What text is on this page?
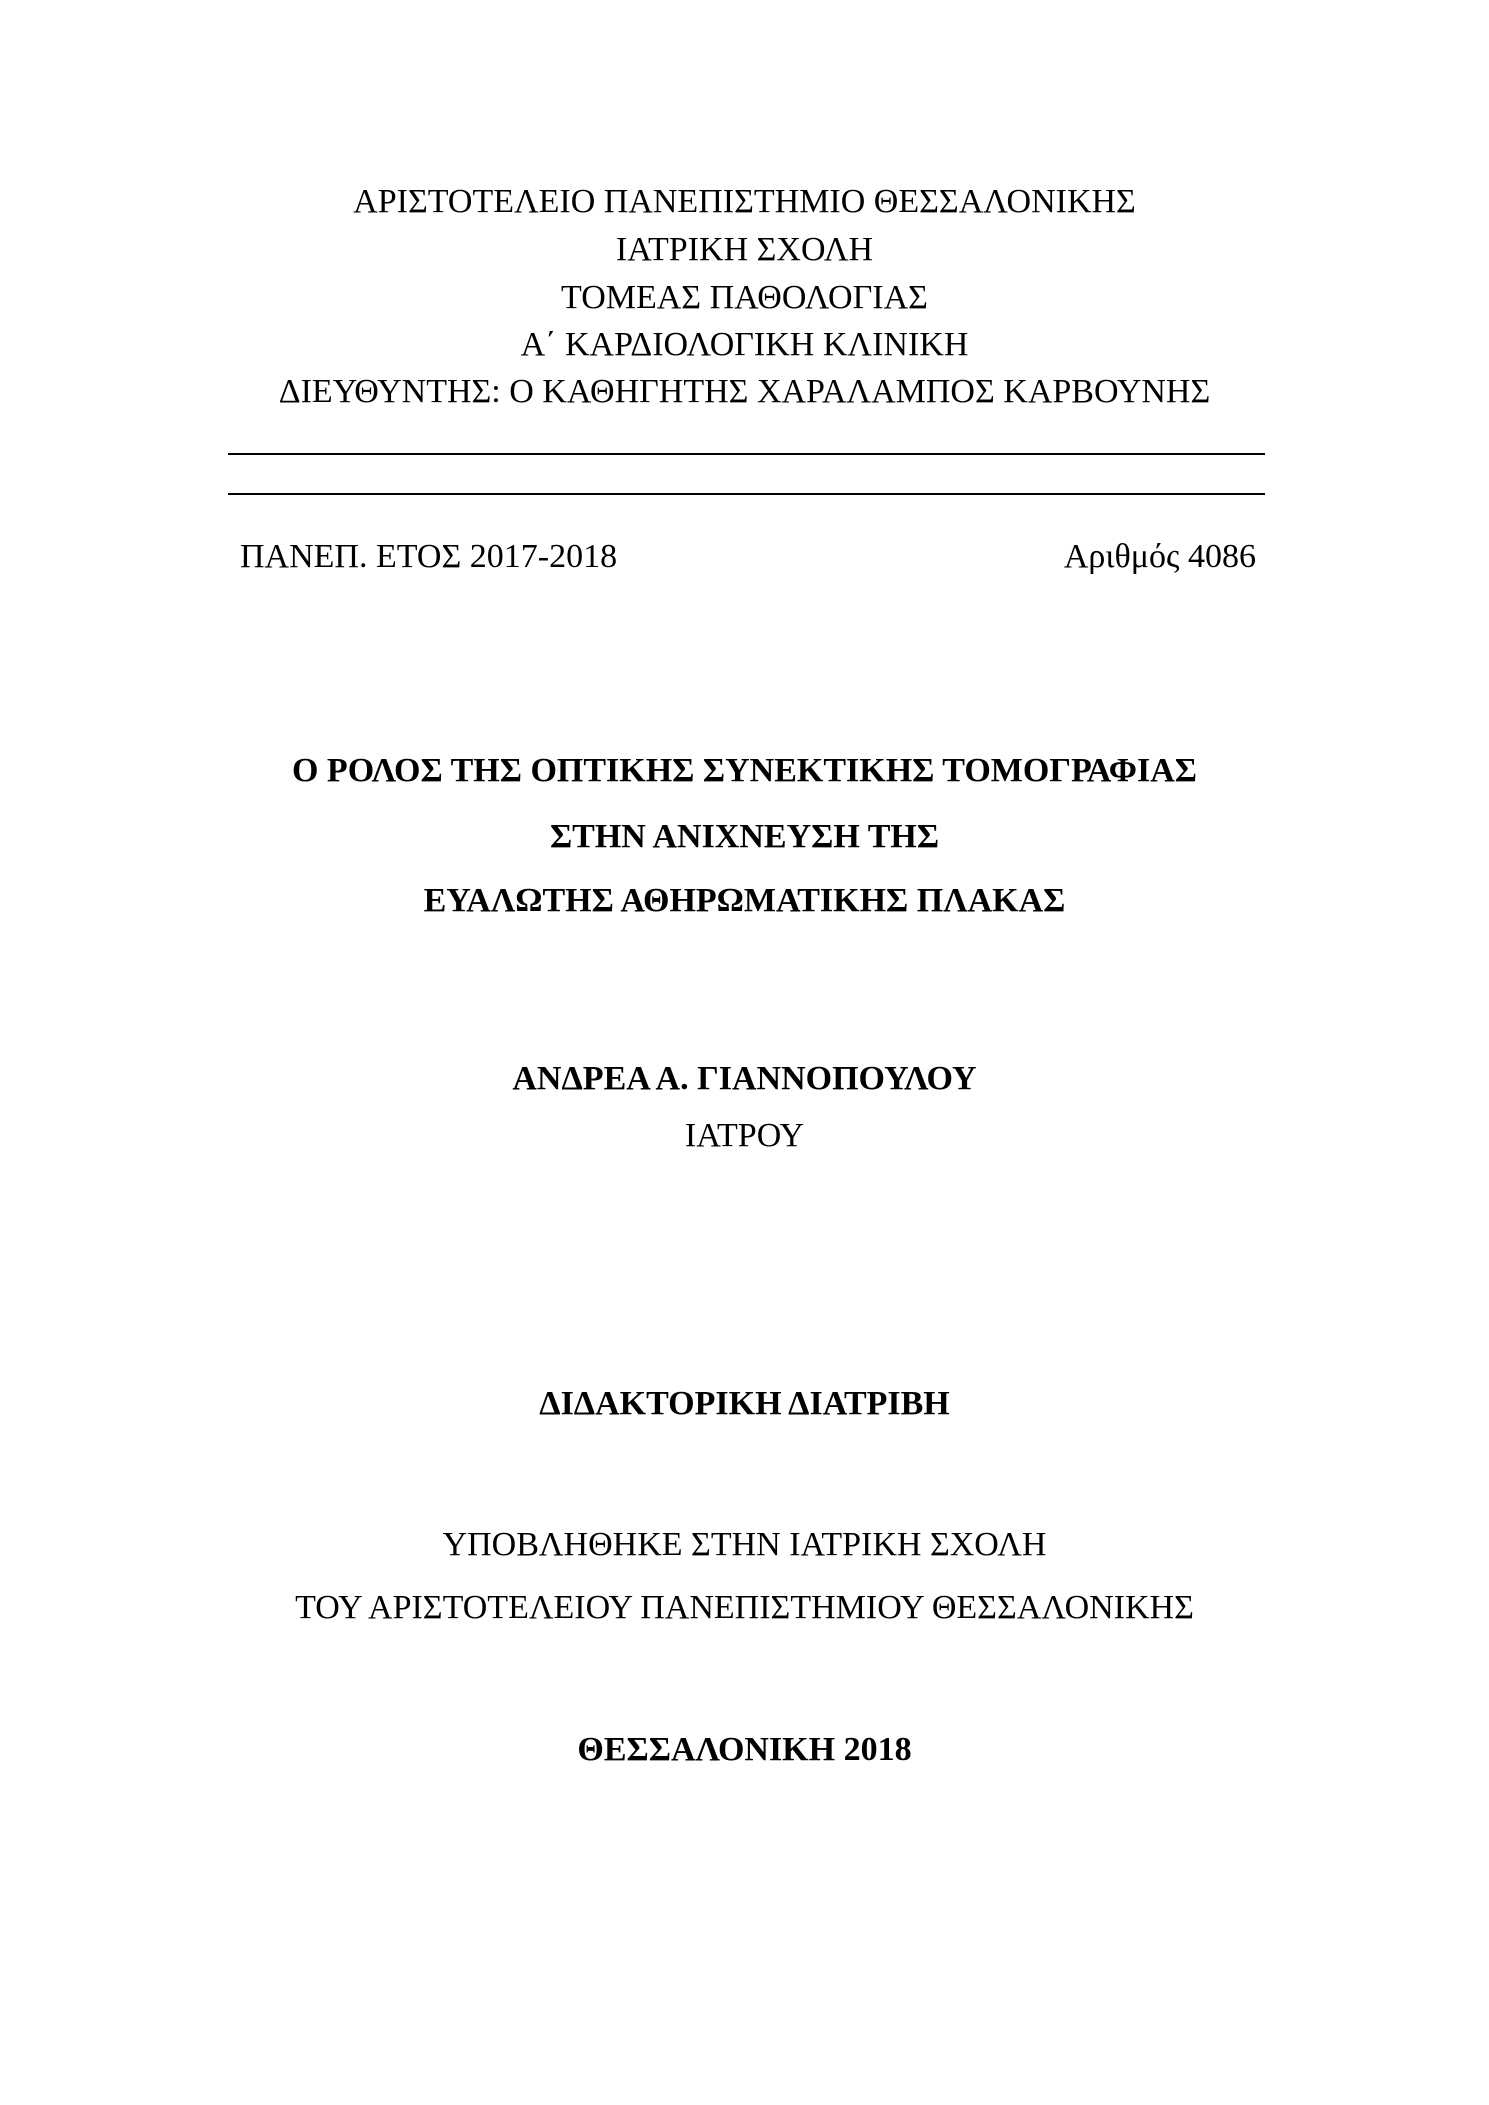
ΑΡΙΣΤΟΤΕΛΕΙΟ ΠΑΝΕΠΙΣΤΗΜΙΟ ΘΕΣΣΑΛΟΝΙΚΗΣ
ΙΑΤΡΙΚΗ ΣΧΟΛΗ
ΤΟΜΕΑΣ ΠΑΘΟΛΟΓΙΑΣ
Α΄ ΚΑΡΔΙΟΛΟΓΙΚΗ ΚΛΙΝΙΚΗ
ΔΙΕΥΘΥΝΤΗΣ: Ο ΚΑΘΗΓΗΤΗΣ ΧΑΡΑΛΑΜΠΟΣ ΚΑΡΒΟΥΝΗΣ
ΠΑΝΕΠ. ΕΤΟΣ 2017-2018	Αριθμός 4086
Ο ΡΟΛΟΣ ΤΗΣ ΟΠΤΙΚΗΣ ΣΥΝΕΚΤΙΚΗΣ ΤΟΜΟΓΡΑΦΙΑΣ
ΣΤΗΝ ΑΝΙΧΝΕΥΣΗ ΤΗΣ
ΕΥΑΛΩΤΗΣ ΑΘΗΡΩΜΑΤΙΚΗΣ ΠΛΑΚΑΣ
ΑΝΔΡΕΑ Α. ΓΙΑΝΝΟΠΟΥΛΟΥ
ΙΑΤΡΟΥ
ΔΙΔΑΚΤΟΡΙΚΗ ΔΙΑΤΡΙΒΗ
ΥΠΟΒΛΗΘΗΚΕ ΣΤΗΝ ΙΑΤΡΙΚΗ ΣΧΟΛΗ
ΤΟΥ ΑΡΙΣΤΟΤΕΛΕΙΟΥ ΠΑΝΕΠΙΣΤΗΜΙΟΥ ΘΕΣΣΑΛΟΝΙΚΗΣ
ΘΕΣΣΑΛΟΝΙΚΗ 2018
